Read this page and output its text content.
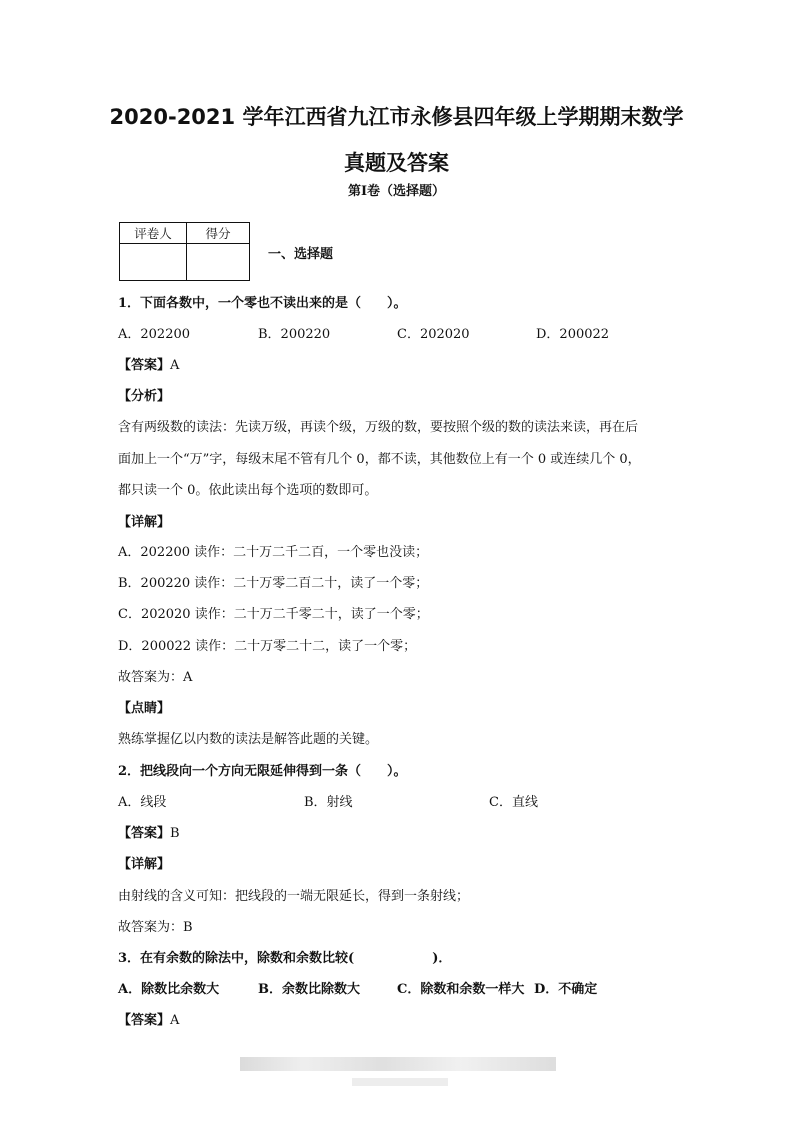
2020-2021 学年江西省九江市永修县四年级上学期期末数学
真题及答案
第Ⅰ卷（选择题）
评卷人	得分

一、选择题
1．下面各数中，一个零也不读出来的是（　　）。
A．202200	B．200220	C．202020	D．200022
【答案】A
【分析】
含有两级数的读法：先读万级，再读个级，万级的数，要按照个级的数的读法来读，再在后
面加上一个“万”字，每级末尾不管有几个 0，都不读，其他数位上有一个 0 或连续几个 0，
都只读一个 0。依此读出每个选项的数即可。
【详解】
A．202200 读作：二十万二千二百，一个零也没读；
B．200220 读作：二十万零二百二十，读了一个零；
C．202020 读作：二十万二千零二十，读了一个零；
D．200022 读作：二十万零二十二，读了一个零；
故答案为：A
【点睛】
熟练掌握亿以内数的读法是解答此题的关键。
2．把线段向一个方向无限延伸得到一条（　　）。
A．线段	B．射线	C．直线
【答案】B
【详解】
由射线的含义可知：把线段的一端无限延长，得到一条射线；
故答案为：B
3．在有余数的除法中，除数和余数比较(　　　　　　)．
A．除数比余数大	B．余数比除数大	C．除数和余数一样大 D．不确定
【答案】A
